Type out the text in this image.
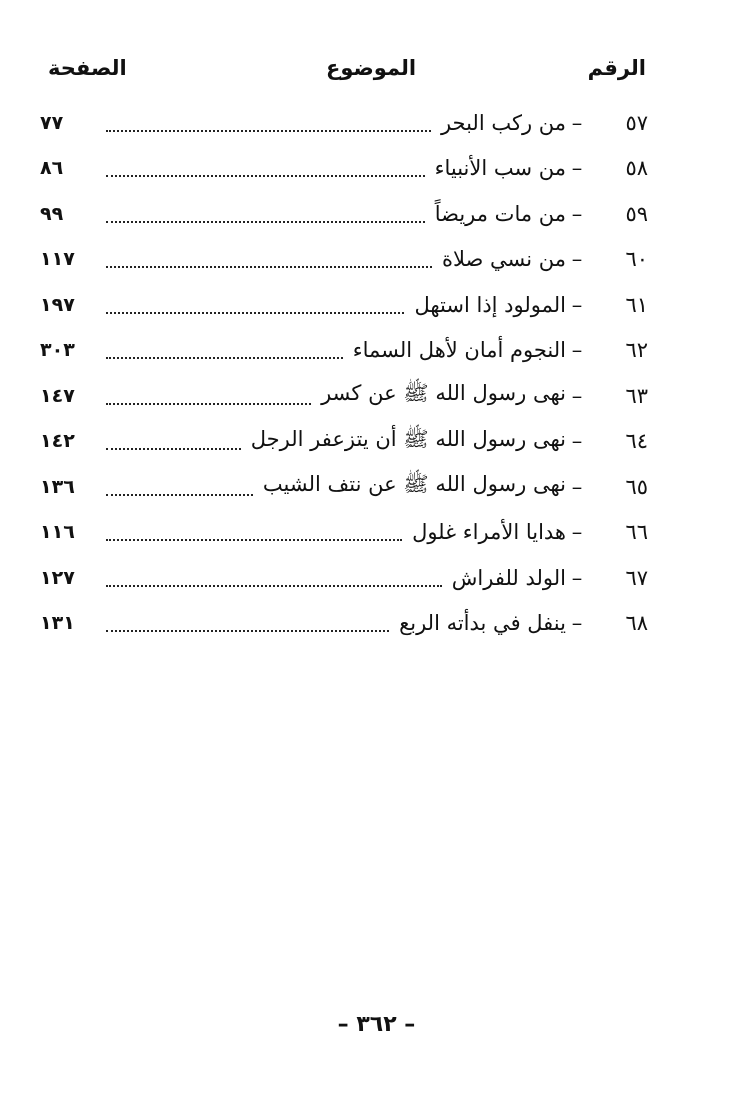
الرقم
الموضوع
الصفحة
٥٧
–
من ركب البحر
٧٧
٥٨
–
من سب الأنبياء
٨٦
٥٩
–
من مات مريضاً
٩٩
٦٠
–
من نسي صلاة
١١٧
٦١
–
المولود إذا استهل
١٩٧
٦٢
–
النجوم أمان لأهل السماء
٣٠٣
٦٣
–
نهى رسول الله ﷺ عن كسر
١٤٧
٦٤
–
نهى رسول الله ﷺ أن يتزعفر الرجل
١٤٢
٦٥
–
نهى رسول الله ﷺ عن نتف الشيب
١٣٦
٦٦
–
هدايا الأمراء غلول
١١٦
٦٧
–
الولد للفراش
١٢٧
٦٨
–
ينفل في بدأته الربع
١٣١
– ٣٦٢ –
